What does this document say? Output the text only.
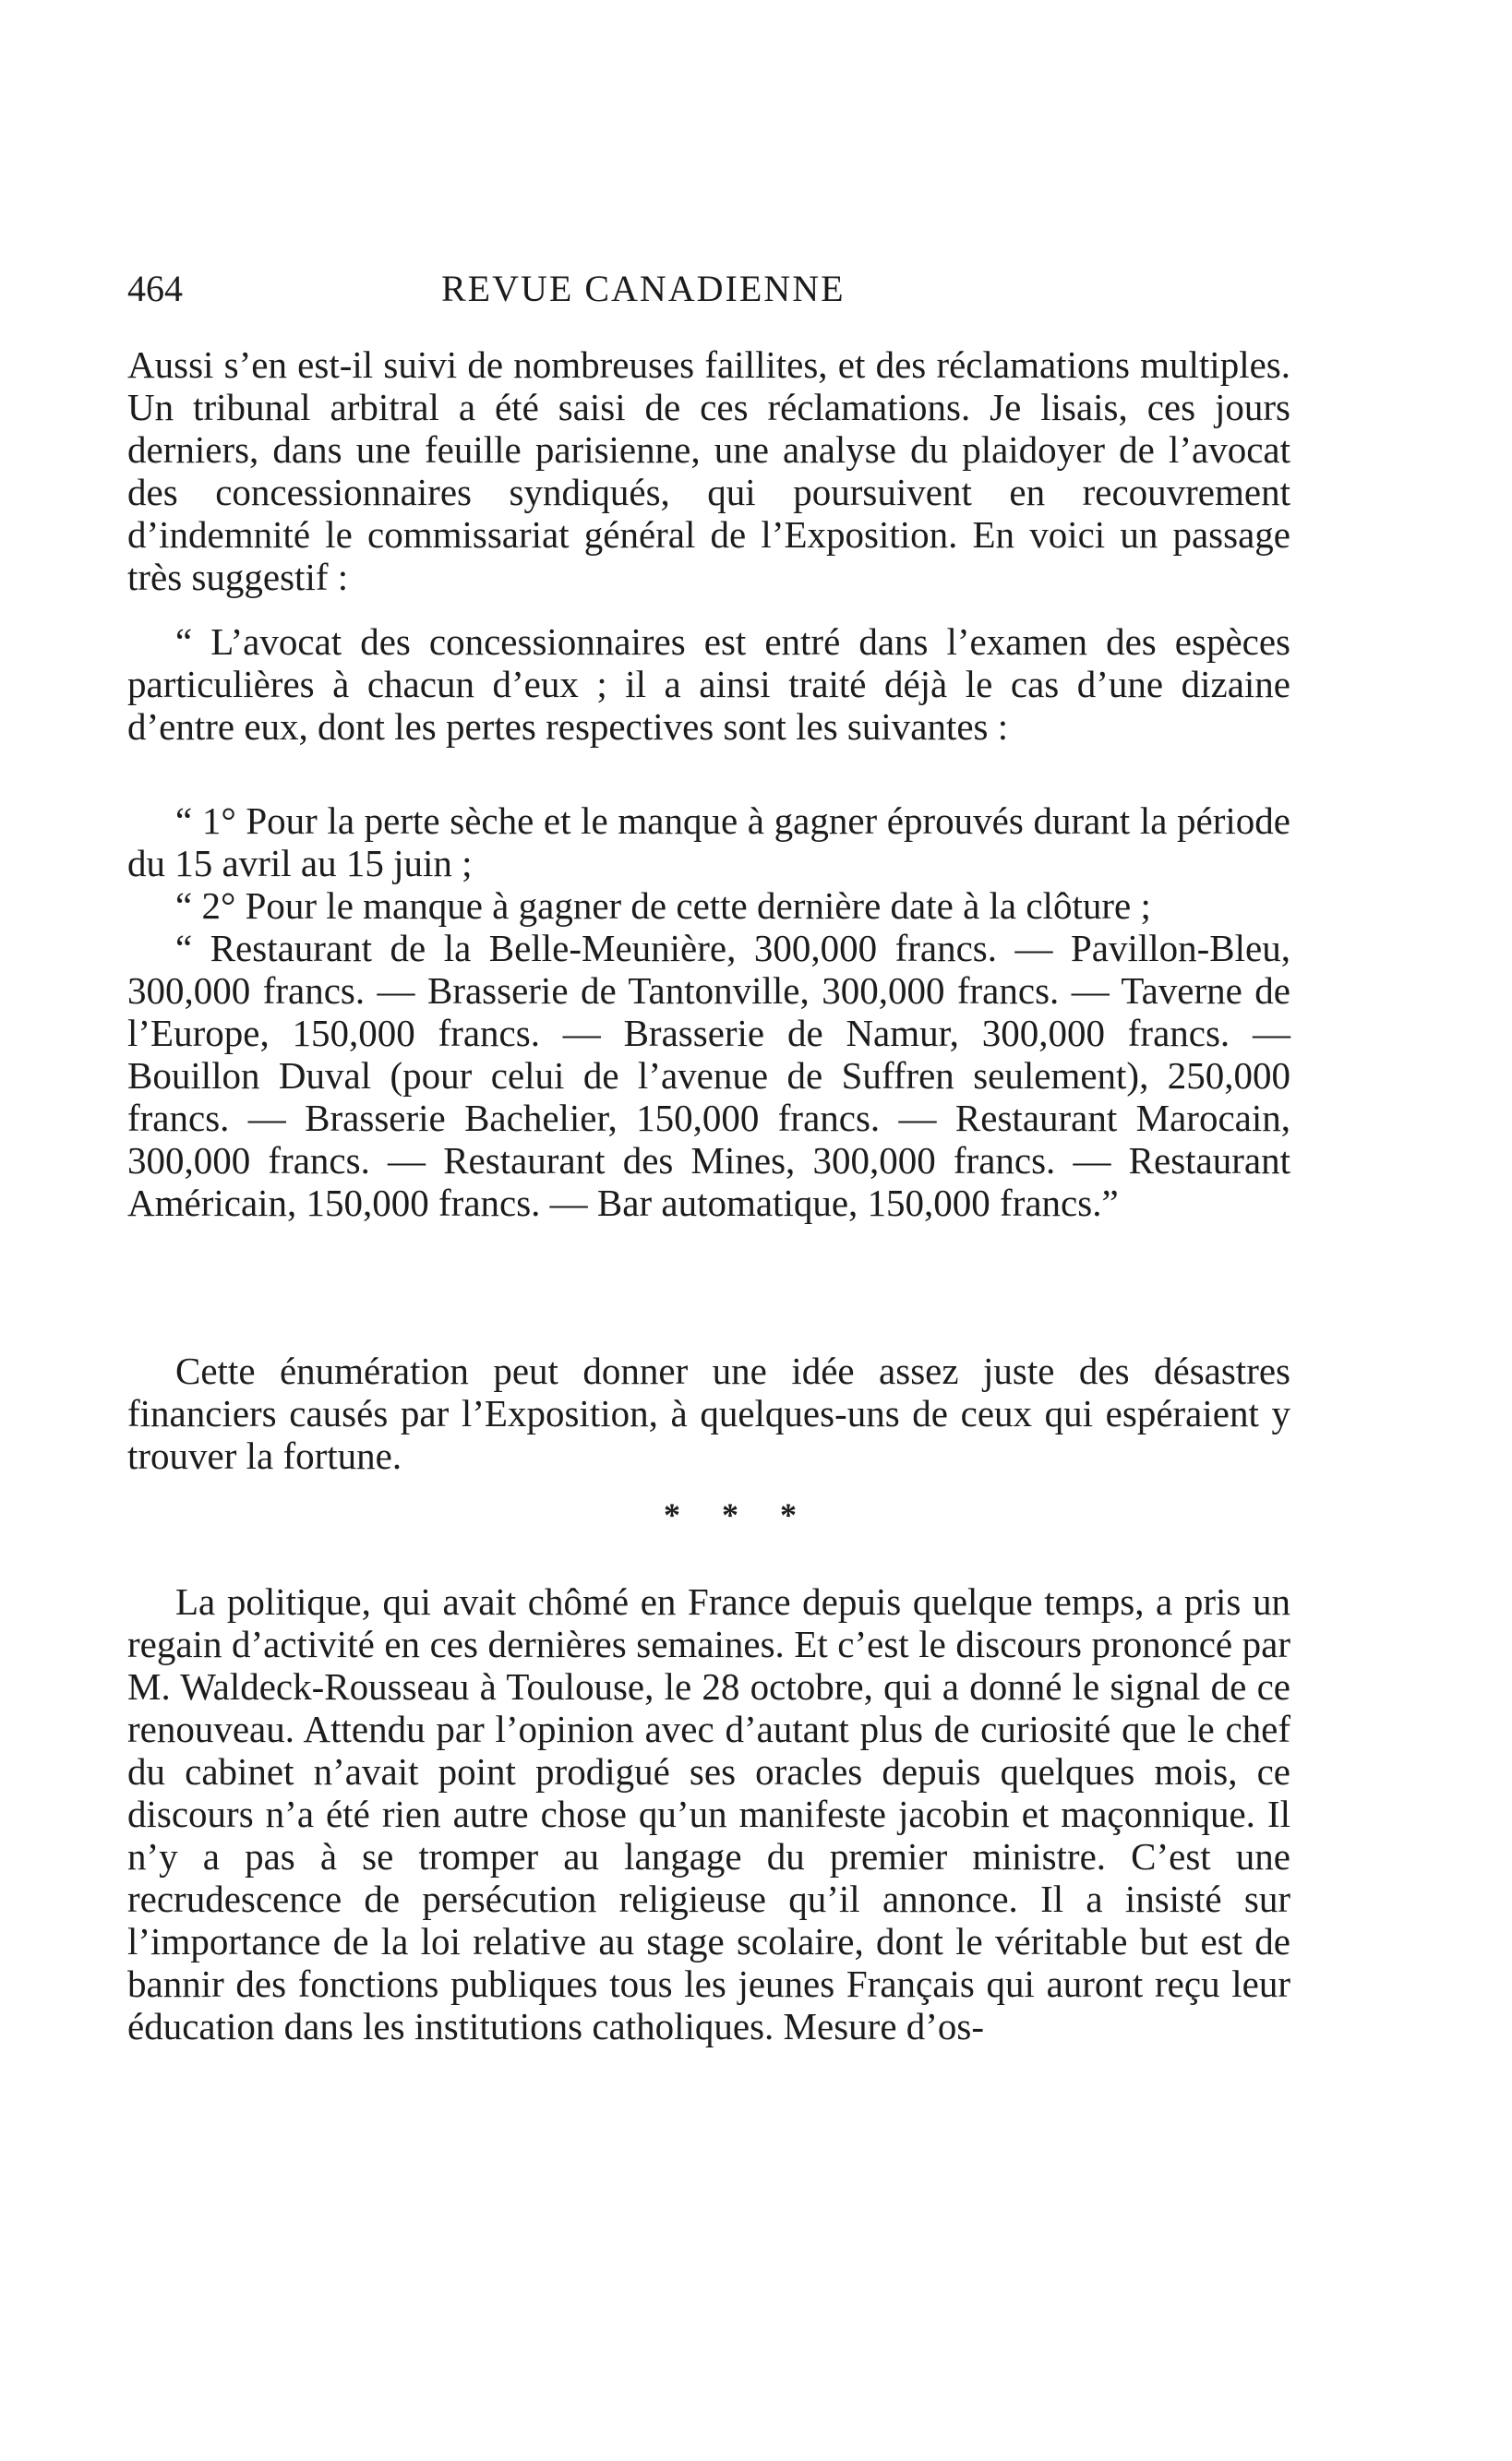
464	REVUE CANADIENNE

Aussi s’en est-il suivi de nombreuses faillites, et des réclamations multiples. Un tribunal arbitral a été saisi de ces réclamations. Je lisais, ces jours derniers, dans une feuille parisienne, une analyse du plaidoyer de l’avocat des concessionnaires syndiqués, qui poursuivent en recouvrement d’indemnité le commissariat général de l’Exposition. En voici un passage très suggestif :

“ L’avocat des concessionnaires est entré dans l’examen des espèces particulières à chacun d’eux ; il a ainsi traité déjà le cas d’une dizaine d’entre eux, dont les pertes respectives sont les suivantes :

“ 1° Pour la perte sèche et le manque à gagner éprouvés durant la période du 15 avril au 15 juin ;

“ 2° Pour le manque à gagner de cette dernière date à la clôture ;

“ Restaurant de la Belle-Meunière, 300,000 francs. — Pavillon-Bleu, 300,000 francs. — Brasserie de Tantonville, 300,000 francs. — Taverne de l’Europe, 150,000 francs. — Brasserie de Namur, 300,000 francs. — Bouillon Duval (pour celui de l’avenue de Suffren seulement), 250,000 francs. — Brasserie Bachelier, 150,000 francs. — Restaurant Marocain, 300,000 francs. — Restaurant des Mines, 300,000 francs. — Restaurant Américain, 150,000 francs. — Bar automatique, 150,000 francs.”

Cette énumération peut donner une idée assez juste des désastres financiers causés par l’Exposition, à quelques-uns de ceux qui espéraient y trouver la fortune.

* * *

La politique, qui avait chômé en France depuis quelque temps, a pris un regain d’activité en ces dernières semaines. Et c’est le discours prononcé par M. Waldeck-Rousseau à Toulouse, le 28 octobre, qui a donné le signal de ce renouveau. Attendu par l’opinion avec d’autant plus de curiosité que le chef du cabinet n’avait point prodigué ses oracles depuis quelques mois, ce discours n’a été rien autre chose qu’un manifeste jacobin et maçonnique. Il n’y a pas à se tromper au langage du premier ministre. C’est une recrudescence de persécution religieuse qu’il annonce. Il a insisté sur l’importance de la loi relative au stage scolaire, dont le véritable but est de bannir des fonctions publiques tous les jeunes Français qui auront reçu leur éducation dans les institutions catholiques. Mesure d’os-
